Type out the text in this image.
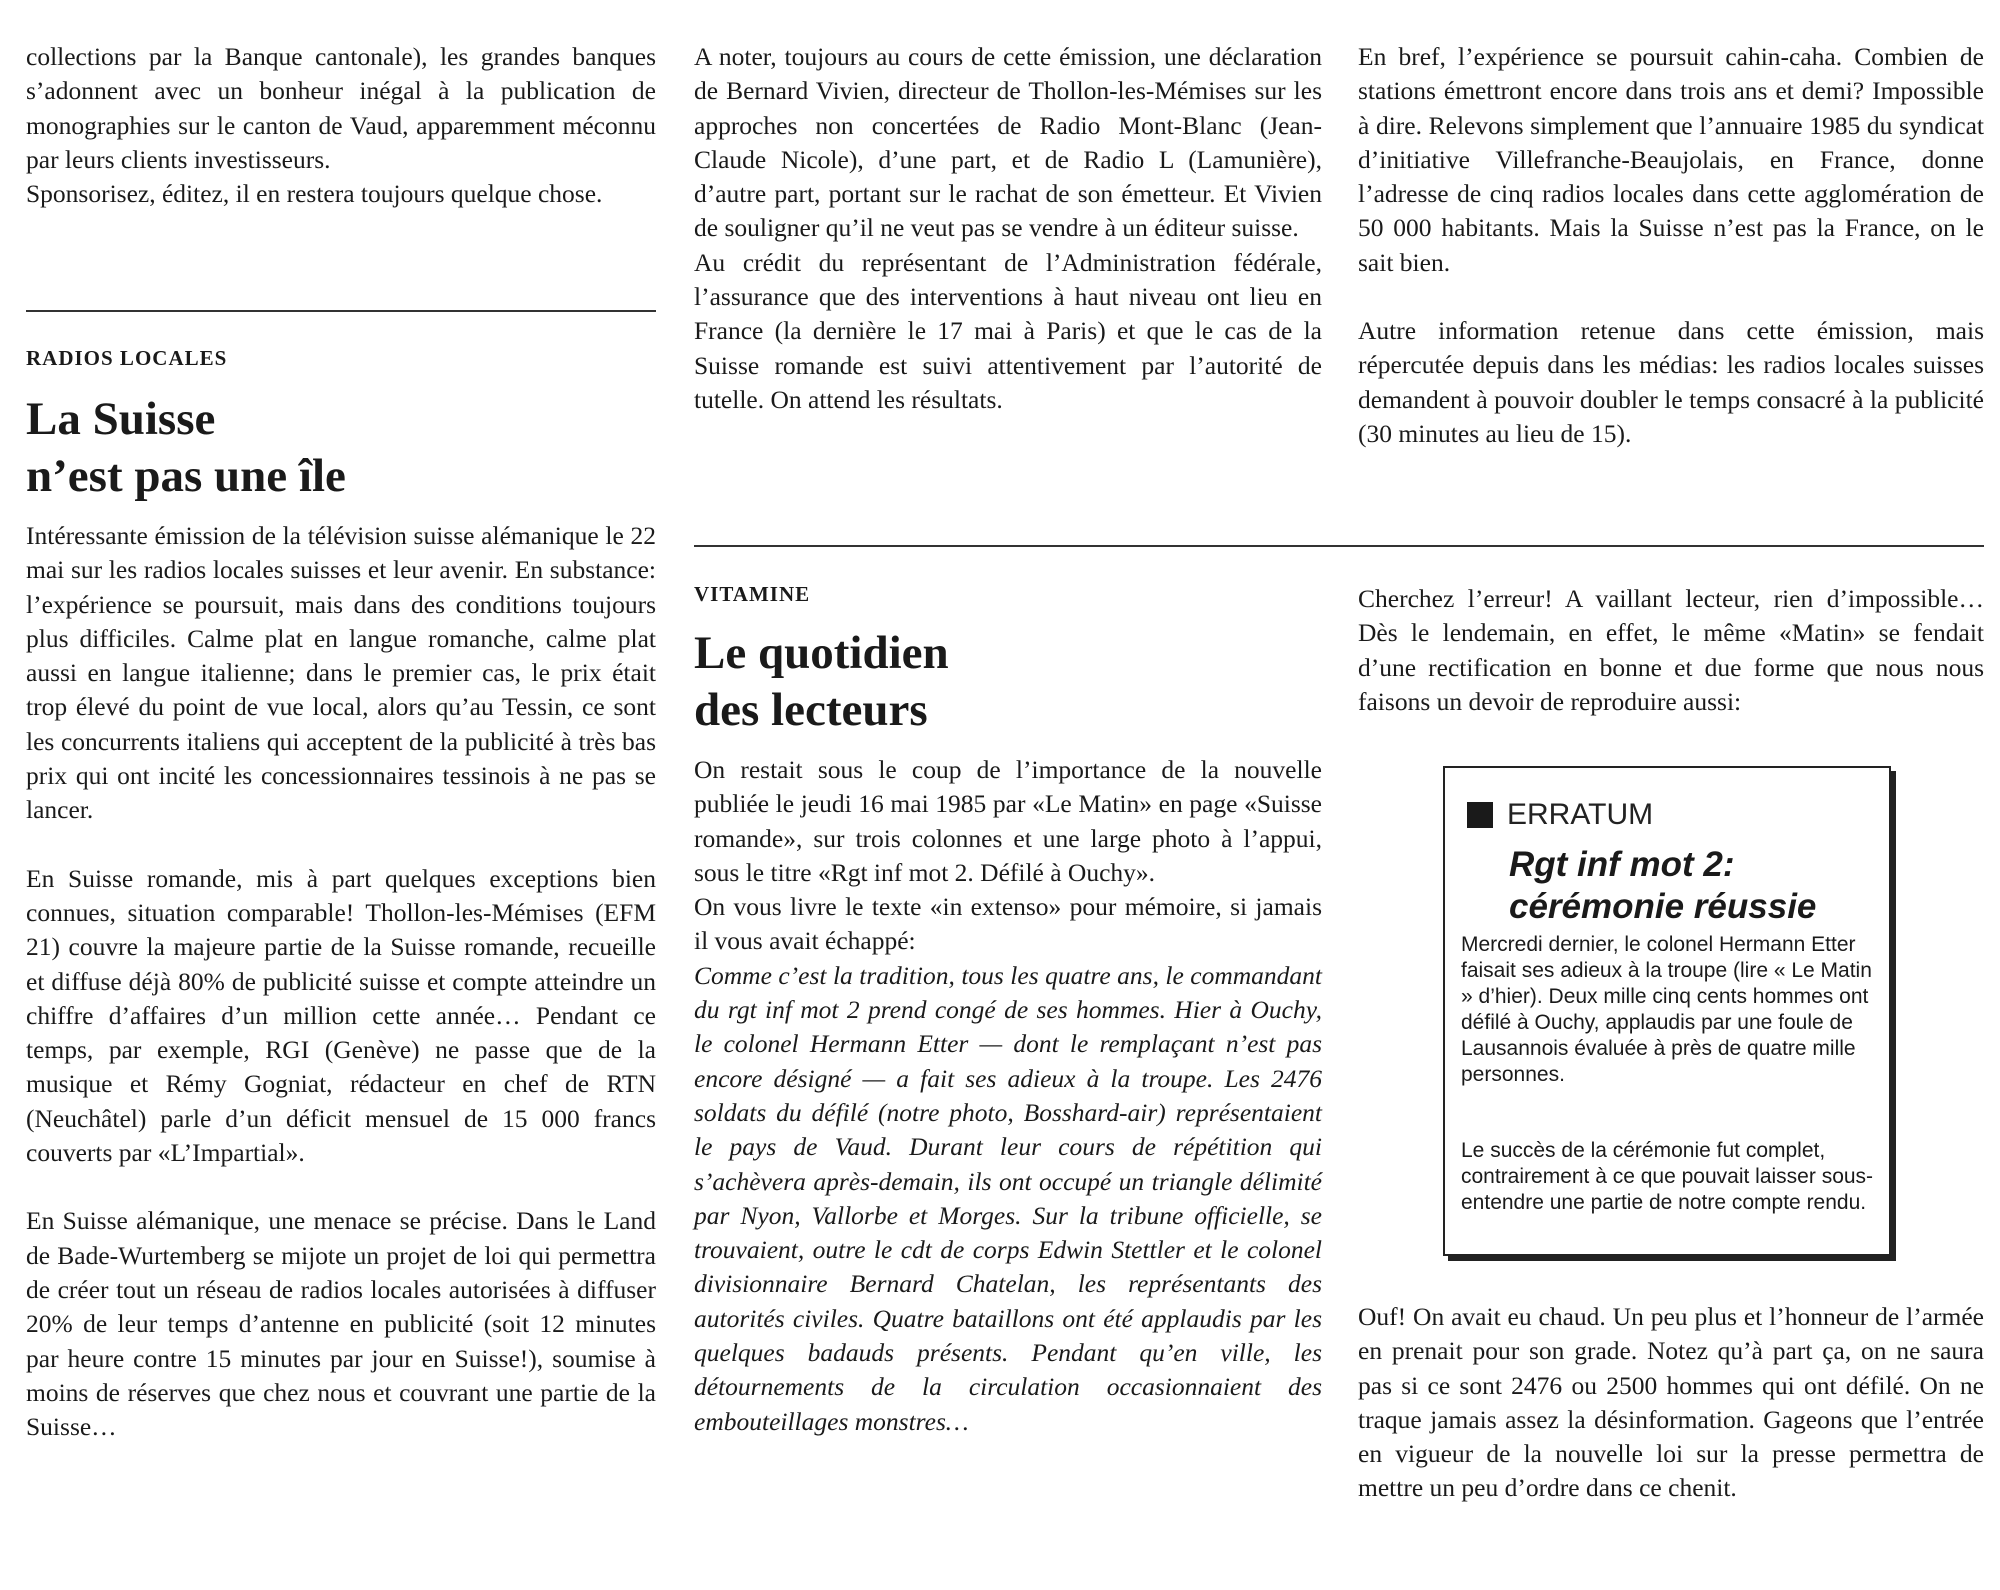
collections par la Banque cantonale), les grandes banques s’adonnent avec un bonheur inégal à la publication de monographies sur le canton de Vaud, apparemment méconnu par leurs clients investisseurs.

Sponsorisez, éditez, il en restera toujours quelque chose.

RADIOS LOCALES
La Suisse
n’est pas une île

Intéressante émission de la télévision suisse alémanique le 22 mai sur les radios locales suisses et leur avenir. En substance: l’expérience se poursuit, mais dans des conditions toujours plus difficiles. Calme plat en langue romanche, calme plat aussi en langue italienne; dans le premier cas, le prix était trop élevé du point de vue local, alors qu’au Tessin, ce sont les concurrents italiens qui acceptent de la publicité à très bas prix qui ont incité les concessionnaires tessinois à ne pas se lancer.

En Suisse romande, mis à part quelques exceptions bien connues, situation comparable! Thollon-les-Mémises (EFM 21) couvre la majeure partie de la Suisse romande, recueille et diffuse déjà 80% de publicité suisse et compte atteindre un chiffre d’affaires d’un million cette année… Pendant ce temps, par exemple, RGI (Genève) ne passe que de la musique et Rémy Gogniat, rédacteur en chef de RTN (Neuchâtel) parle d’un déficit mensuel de 15 000 francs couverts par «L’Impartial».

En Suisse alémanique, une menace se précise. Dans le Land de Bade-Wurtemberg se mijote un projet de loi qui permettra de créer tout un réseau de radios locales autorisées à diffuser 20% de leur temps d’antenne en publicité (soit 12 minutes par heure contre 15 minutes par jour en Suisse!), soumise à moins de réserves que chez nous et couvrant une partie de la Suisse…

A noter, toujours au cours de cette émission, une déclaration de Bernard Vivien, directeur de Thollon-les-Mémises sur les approches non concertées de Radio Mont-Blanc (Jean-Claude Nicole), d’une part, et de Radio L (Lamunière), d’autre part, portant sur le rachat de son émetteur. Et Vivien de souligner qu’il ne veut pas se vendre à un éditeur suisse.

Au crédit du représentant de l’Administration fédérale, l’assurance que des interventions à haut niveau ont lieu en France (la dernière le 17 mai à Paris) et que le cas de la Suisse romande est suivi attentivement par l’autorité de tutelle. On attend les résultats.

VITAMINE
Le quotidien
des lecteurs

On restait sous le coup de l’importance de la nouvelle publiée le jeudi 16 mai 1985 par «Le Matin» en page «Suisse romande», sur trois colonnes et une large photo à l’appui, sous le titre «Rgt inf mot 2. Défilé à Ouchy».

On vous livre le texte «in extenso» pour mémoire, si jamais il vous avait échappé:

Comme c’est la tradition, tous les quatre ans, le commandant du rgt inf mot 2 prend congé de ses hommes. Hier à Ouchy, le colonel Hermann Etter — dont le remplaçant n’est pas encore désigné — a fait ses adieux à la troupe. Les 2476 soldats du défilé (notre photo, Bosshard-air) représentaient le pays de Vaud. Durant leur cours de répétition qui s’achèvera après-demain, ils ont occupé un triangle délimité par Nyon, Vallorbe et Morges. Sur la tribune officielle, se trouvaient, outre le cdt de corps Edwin Stettler et le colonel divisionnaire Bernard Chatelan, les représentants des autorités civiles. Quatre bataillons ont été applaudis par les quelques badauds présents. Pendant qu’en ville, les détournements de la circulation occasionnaient des embouteillages monstres…

En bref, l’expérience se poursuit cahin-caha. Combien de stations émettront encore dans trois ans et demi? Impossible à dire. Relevons simplement que l’annuaire 1985 du syndicat d’initiative Villefranche-Beaujolais, en France, donne l’adresse de cinq radios locales dans cette agglomération de 50 000 habitants. Mais la Suisse n’est pas la France, on le sait bien.

Autre information retenue dans cette émission, mais répercutée depuis dans les médias: les radios locales suisses demandent à pouvoir doubler le temps consacré à la publicité (30 minutes au lieu de 15).

Cherchez l’erreur! A vaillant lecteur, rien d’impossible… Dès le lendemain, en effet, le même «Matin» se fendait d’une rectification en bonne et due forme que nous nous faisons un devoir de reproduire aussi:

ERRATUM
Rgt inf mot 2: cérémonie réussie

Mercredi dernier, le colonel Hermann Etter faisait ses adieux à la troupe (lire « Le Matin » d’hier). Deux mille cinq cents hommes ont défilé à Ouchy, applaudis par une foule de Lausannois évaluée à près de quatre mille personnes.

Le succès de la cérémonie fut complet, contrairement à ce que pouvait laisser sous-entendre une partie de notre compte rendu.

Ouf! On avait eu chaud. Un peu plus et l’honneur de l’armée en prenait pour son grade. Notez qu’à part ça, on ne saura pas si ce sont 2476 ou 2500 hommes qui ont défilé. On ne traque jamais assez la désinformation. Gageons que l’entrée en vigueur de la nouvelle loi sur la presse permettra de mettre un peu d’ordre dans ce chenit.
